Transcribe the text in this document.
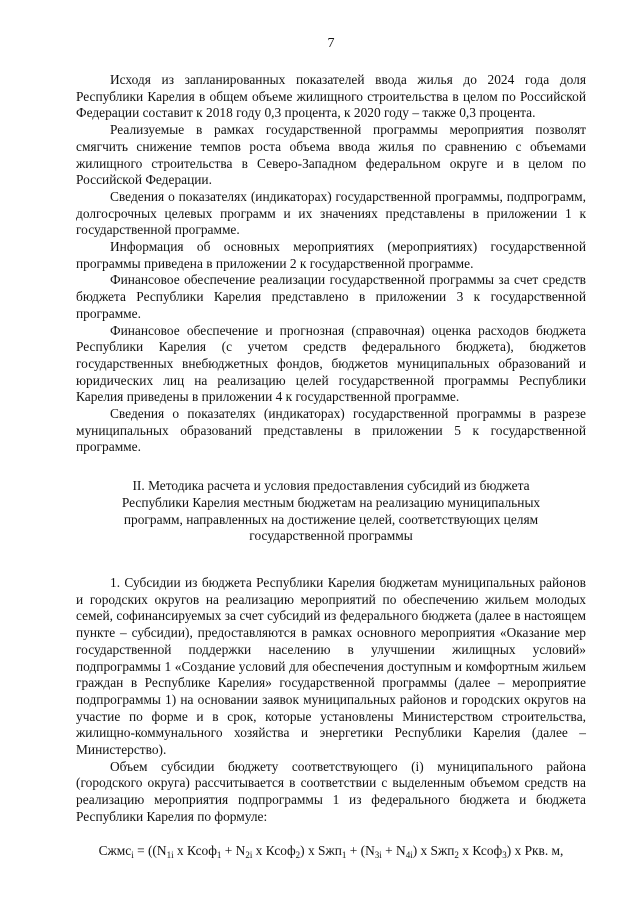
7

Исходя из запланированных показателей ввода жилья до 2024 года доля Республики Карелия в общем объеме жилищного строительства в целом по Российской Федерации составит к 2018 году 0,3 процента, к 2020 году – также 0,3 процента.

Реализуемые в рамках государственной программы мероприятия позволят смягчить снижение темпов роста объема ввода жилья по сравнению с объемами жилищного строительства в Северо-Западном федеральном округе и в целом по Российской Федерации.

Сведения о показателях (индикаторах) государственной программы, подпрограмм, долгосрочных целевых программ и их значениях представлены в приложении 1 к государственной программе.

Информация об основных мероприятиях (мероприятиях) государственной программы приведена в приложении 2 к государственной программе.

Финансовое обеспечение реализации государственной программы за счет средств бюджета Республики Карелия представлено в приложении 3 к государственной программе.

Финансовое обеспечение и прогнозная (справочная) оценка расходов бюджета Республики Карелия (с учетом средств федерального бюджета), бюджетов государственных внебюджетных фондов, бюджетов муниципальных образований и юридических лиц на реализацию целей государственной программы Республики Карелия приведены в приложении 4 к государственной программе.

Сведения о показателях (индикаторах) государственной программы в разрезе муниципальных образований представлены в приложении 5 к государственной программе.

II. Методика расчета и условия предоставления субсидий из бюджета
Республики Карелия местным бюджетам на реализацию муниципальных
программ, направленных на достижение целей, соответствующих целям
государственной программы

1. Субсидии из бюджета Республики Карелия бюджетам муниципальных районов и городских округов на реализацию мероприятий по обеспечению жильем молодых семей, софинансируемых за счет субсидий из федерального бюджета (далее в настоящем пункте – субсидии), предоставляются в рамках основного мероприятия «Оказание мер государственной поддержки населению в улучшении жилищных условий» подпрограммы 1 «Создание условий для обеспечения доступным и комфортным жильем граждан в Республике Карелия» государственной программы (далее – мероприятие подпрограммы 1) на основании заявок муниципальных районов и городских округов на участие по форме и в срок, которые установлены Министерством строительства, жилищно-коммунального хозяйства и энергетики Республики Карелия (далее – Министерство).

Объем субсидии бюджету соответствующего (i) муниципального района (городского округа) рассчитывается в соответствии с выделенным объемом средств на реализацию мероприятия подпрограммы 1 из федерального бюджета и бюджета Республики Карелия по формуле:

Сжмс$_i$ = (($N_{1i}$ x Ксоф$_1$ + $N_{2i}$ x Ксоф$_2$) x $Sжп_1 + (N_{3i} + N_{4i})$ x Sжп$_2$ x Ксоф$_3$) x Ркв. м,
